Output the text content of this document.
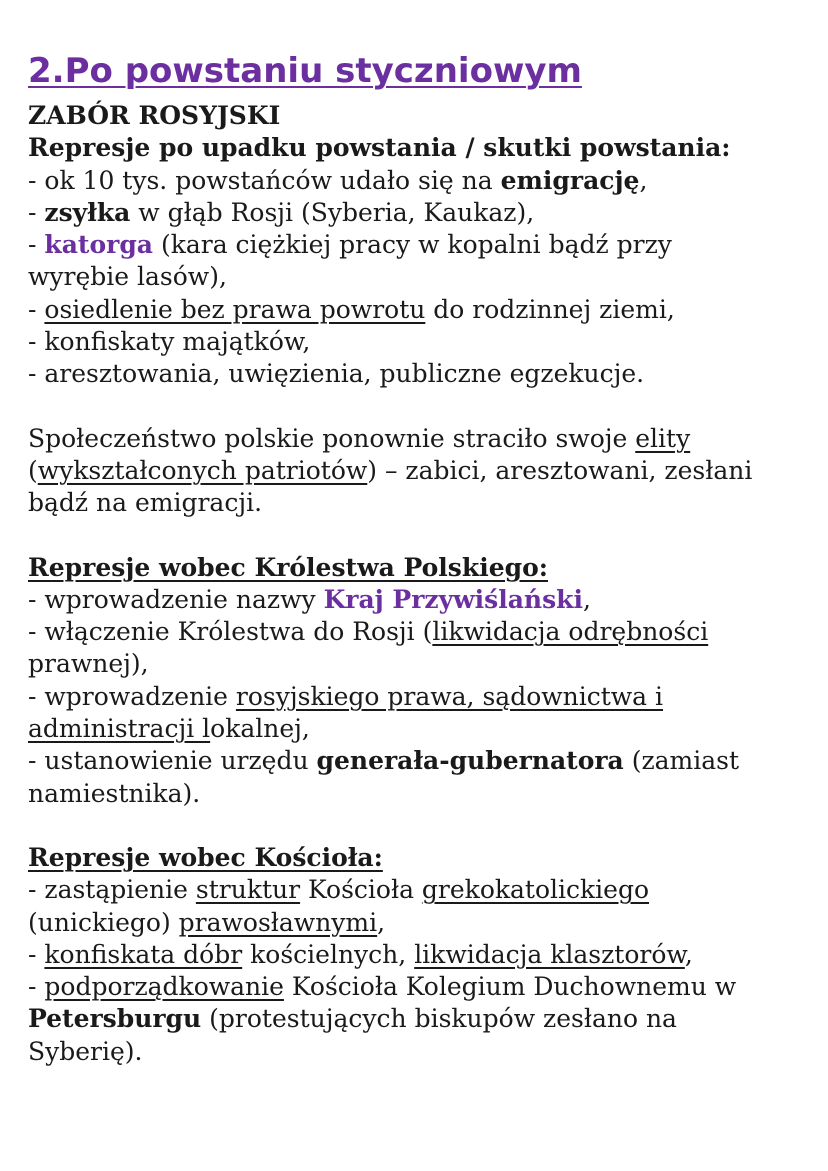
2.Po powstaniu styczniowym

ZABÓR ROSYJSKI

Represje po upadku powstania / skutki powstania:

- ok 10 tys. powstańców udało się na emigrację,

- zsyłka w głąb Rosji (Syberia, Kaukaz),

- katorga (kara ciężkiej pracy w kopalni bądź przy

wyrębie lasów),

- osiedlenie bez prawa powrotu do rodzinnej ziemi,

- konfiskaty majątków,

- aresztowania, uwięzienia, publiczne egzekucje.

Społeczeństwo polskie ponownie straciło swoje elity

(wykształconych patriotów) – zabici, aresztowani, zesłani

bądź na emigracji.

Represje wobec Królestwa Polskiego:

- wprowadzenie nazwy Kraj Przywiślański,

- włączenie Królestwa do Rosji (likwidacja odrębności

prawnej),

- wprowadzenie rosyjskiego prawa, sądownictwa i

administracji lokalnej,

- ustanowienie urzędu generała-gubernatora (zamiast

namiestnika).

Represje wobec Kościoła:

- zastąpienie struktur Kościoła grekokatolickiego

(unickiego) prawosławnymi,

- konfiskata dóbr kościelnych, likwidacja klasztorów,

- podporządkowanie Kościoła Kolegium Duchownemu w

Petersburgu (protestujących biskupów zesłano na

Syberię).
